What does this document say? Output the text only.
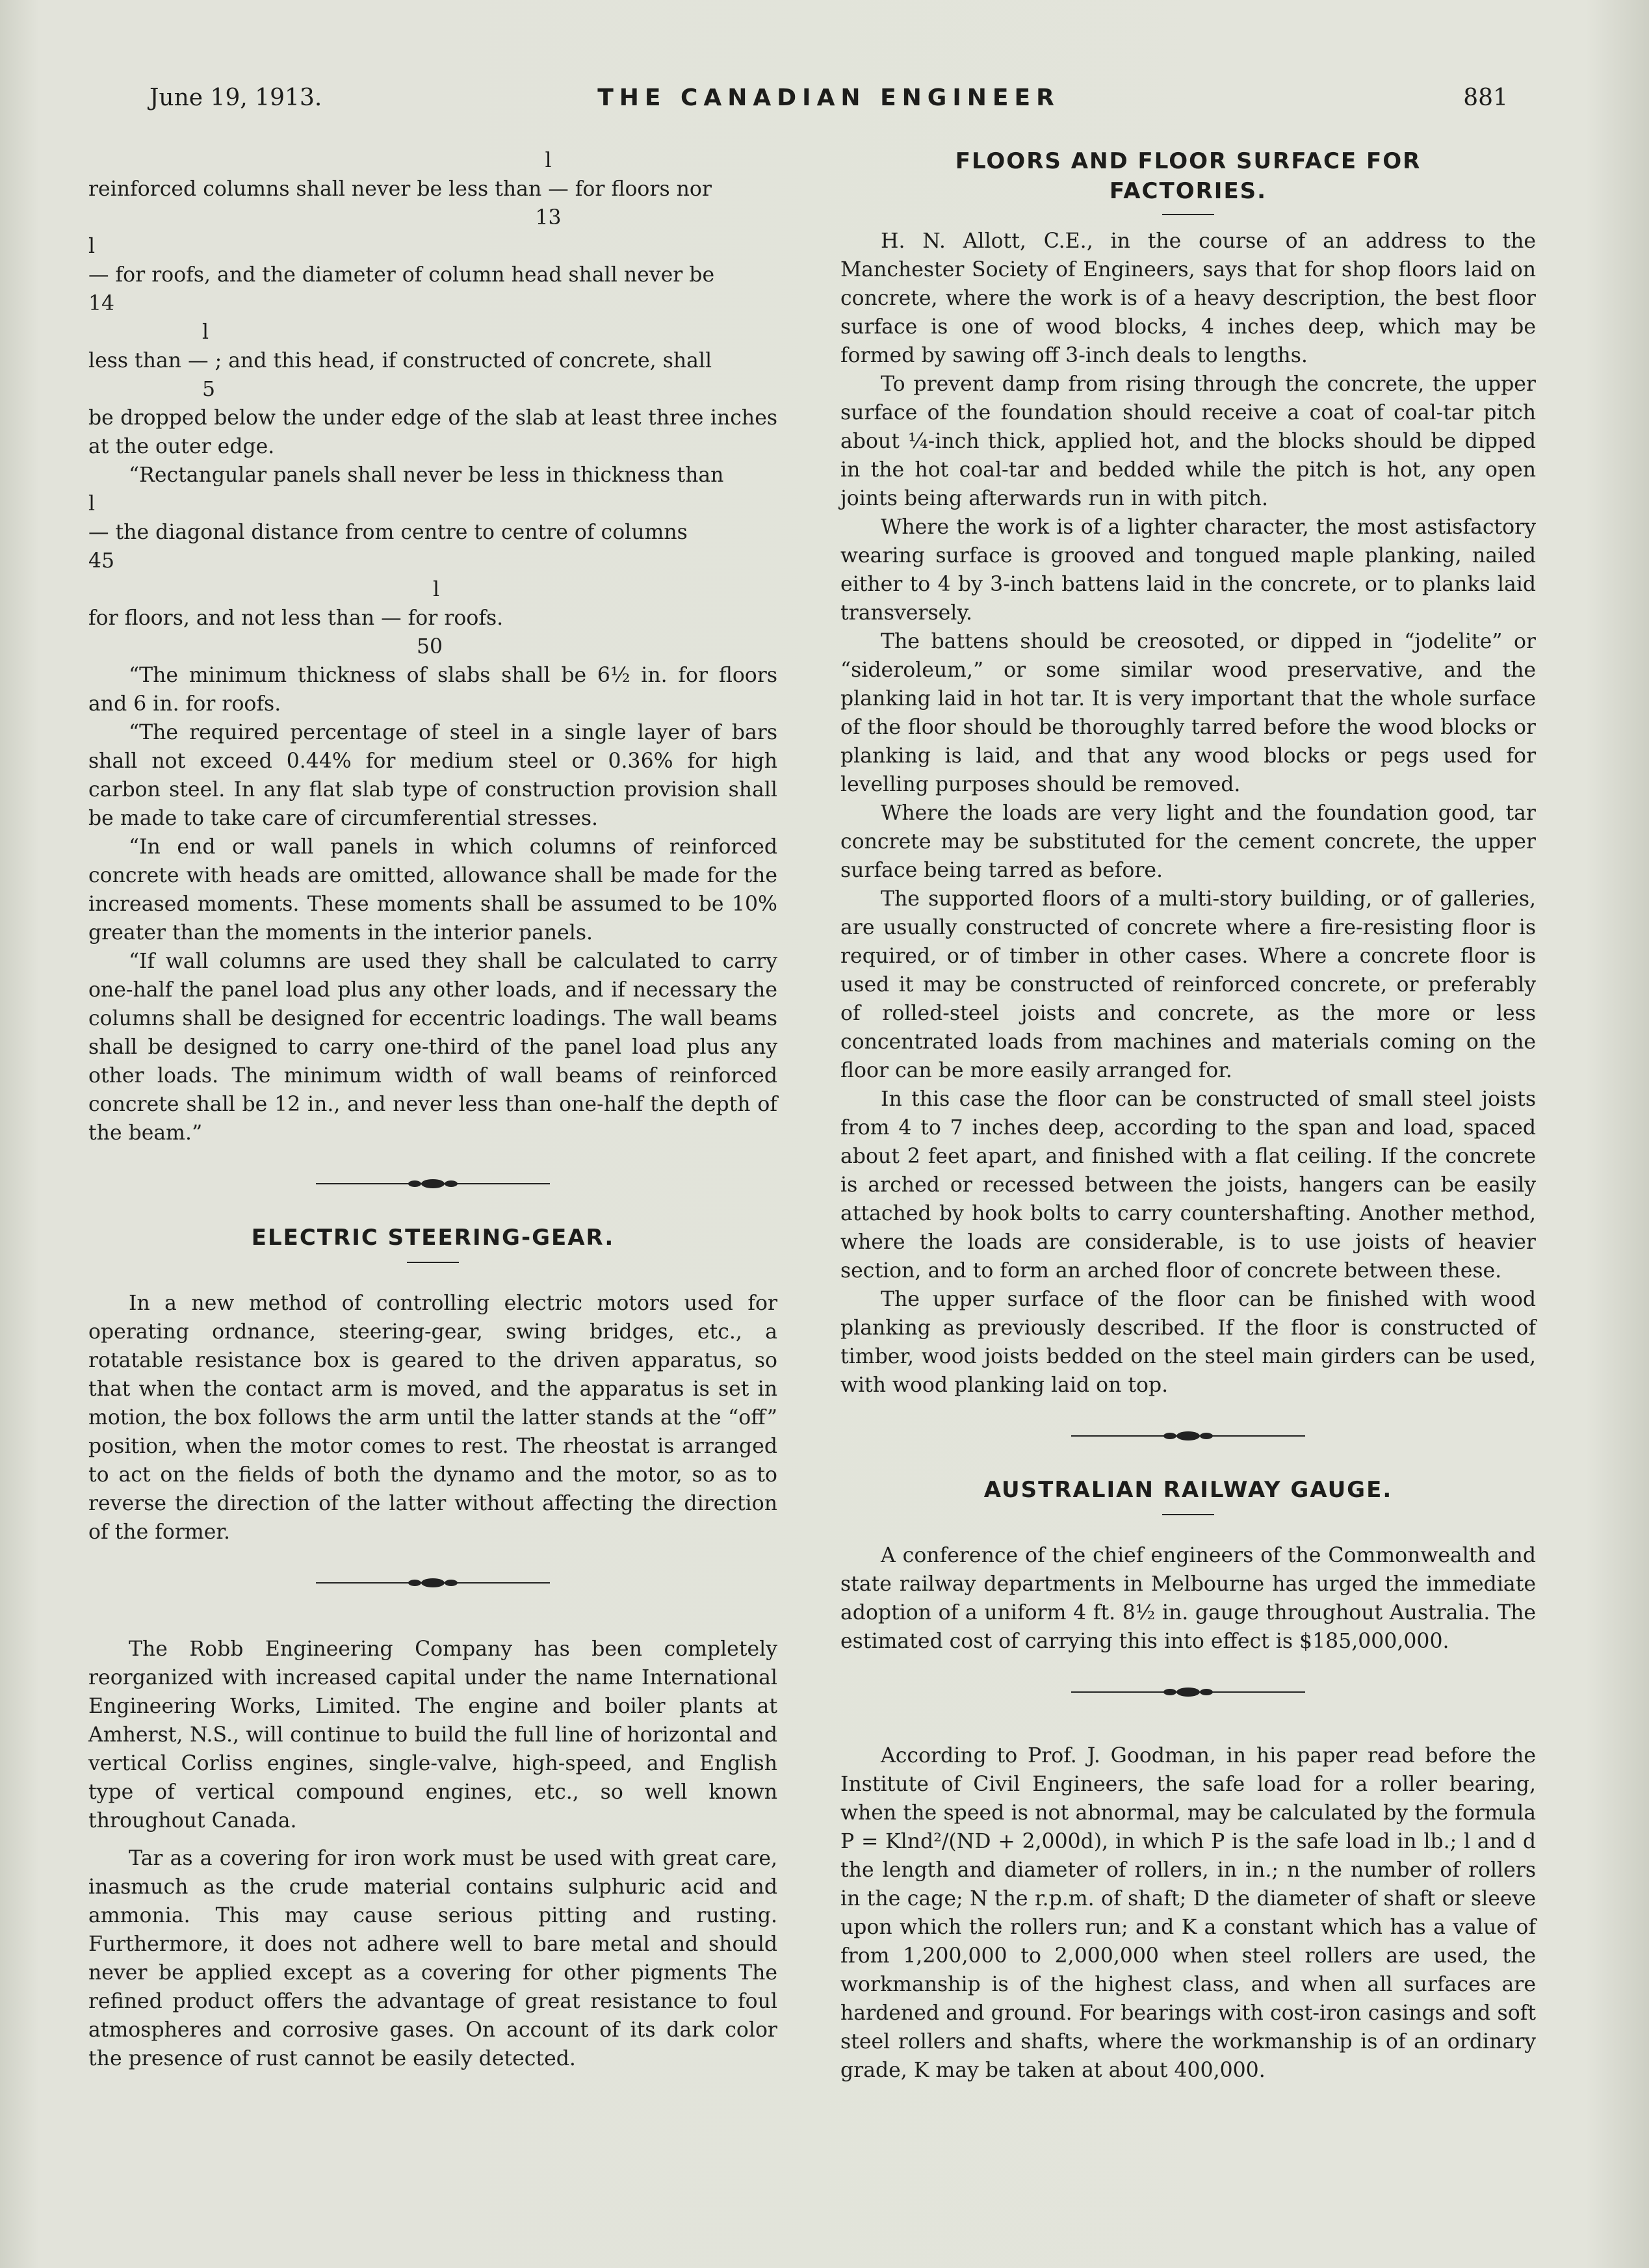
June 19, 1913.	THE CANADIAN ENGINEER	881
l

reinforced columns shall never be less than — for floors nor

13
l

— for roofs, and the diameter of column head shall never be

14
l

less than — ; and this head, if constructed of concrete, shall

5

be dropped below the under edge of the slab at least three inches at the outer edge.

“Rectangular panels shall never be less in thickness than

l

— the diagonal distance from centre to centre of columns

45
l

for floors, and not less than — for roofs.

50

“The minimum thickness of slabs shall be 6½ in. for floors and 6 in. for roofs.

“The required percentage of steel in a single layer of bars shall not exceed 0.44% for medium steel or 0.36% for high carbon steel. In any flat slab type of construction provision shall be made to take care of circumferential stresses.

“In end or wall panels in which columns of reinforced concrete with heads are omitted, allowance shall be made for the increased moments. These moments shall be assumed to be 10% greater than the moments in the interior panels.

“If wall columns are used they shall be calculated to carry one-half the panel load plus any other loads, and if necessary the columns shall be designed for eccentric loadings. The wall beams shall be designed to carry one-third of the panel load plus any other loads. The minimum width of wall beams of reinforced concrete shall be 12 in., and never less than one-half the depth of the beam.”

ELECTRIC STEERING-GEAR.

In a new method of controlling electric motors used for operating ordnance, steering-gear, swing bridges, etc., a rotatable resistance box is geared to the driven apparatus, so that when the contact arm is moved, and the apparatus is set in motion, the box follows the arm until the latter stands at the “off” position, when the motor comes to rest. The rheostat is arranged to act on the fields of both the dynamo and the motor, so as to reverse the direction of the latter without affecting the direction of the former.

The Robb Engineering Company has been completely reorganized with increased capital under the name International Engineering Works, Limited. The engine and boiler plants at Amherst, N.S., will continue to build the full line of horizontal and vertical Corliss engines, single-valve, high-speed, and English type of vertical compound engines, etc., so well known throughout Canada.

Tar as a covering for iron work must be used with great care, inasmuch as the crude material contains sulphuric acid and ammonia. This may cause serious pitting and rusting. Furthermore, it does not adhere well to bare metal and should never be applied except as a covering for other pigments The refined product offers the advantage of great resistance to foul atmospheres and corrosive gases. On account of its dark color the presence of rust cannot be easily detected.

FLOORS AND FLOOR SURFACE FOR
FACTORIES.

H. N. Allott, C.E., in the course of an address to the Manchester Society of Engineers, says that for shop floors laid on concrete, where the work is of a heavy description, the best floor surface is one of wood blocks, 4 inches deep, which may be formed by sawing off 3-inch deals to lengths.

To prevent damp from rising through the concrete, the upper surface of the foundation should receive a coat of coal-tar pitch about ¼-inch thick, applied hot, and the blocks should be dipped in the hot coal-tar and bedded while the pitch is hot, any open joints being afterwards run in with pitch.

Where the work is of a lighter character, the most astisfactory wearing surface is grooved and tongued maple planking, nailed either to 4 by 3-inch battens laid in the concrete, or to planks laid transversely.

The battens should be creosoted, or dipped in “jodelite” or “sideroleum,” or some similar wood preservative, and the planking laid in hot tar. It is very important that the whole surface of the floor should be thoroughly tarred before the wood blocks or planking is laid, and that any wood blocks or pegs used for levelling purposes should be removed.

Where the loads are very light and the foundation good, tar concrete may be substituted for the cement concrete, the upper surface being tarred as before.

The supported floors of a multi-story building, or of galleries, are usually constructed of concrete where a fire-resisting floor is required, or of timber in other cases. Where a concrete floor is used it may be constructed of reinforced concrete, or preferably of rolled-steel joists and concrete, as the more or less concentrated loads from machines and materials coming on the floor can be more easily arranged for.

In this case the floor can be constructed of small steel joists from 4 to 7 inches deep, according to the span and load, spaced about 2 feet apart, and finished with a flat ceiling. If the concrete is arched or recessed between the joists, hangers can be easily attached by hook bolts to carry countershafting. Another method, where the loads are considerable, is to use joists of heavier section, and to form an arched floor of concrete between these.

The upper surface of the floor can be finished with wood planking as previously described. If the floor is constructed of timber, wood joists bedded on the steel main girders can be used, with wood planking laid on top.

AUSTRALIAN RAILWAY GAUGE.

A conference of the chief engineers of the Commonwealth and state railway departments in Melbourne has urged the immediate adoption of a uniform 4 ft. 8½ in. gauge throughout Australia. The estimated cost of carrying this into effect is $185,000,000.

According to Prof. J. Goodman, in his paper read before the Institute of Civil Engineers, the safe load for a roller bearing, when the speed is not abnormal, may be calculated by the formula P = Klnd²/(ND + 2,000d), in which P is the safe load in lb.; l and d the length and diameter of rollers, in in.; n the number of rollers in the cage; N the r.p.m. of shaft; D the diameter of shaft or sleeve upon which the rollers run; and K a constant which has a value of from 1,200,000 to 2,000,000 when steel rollers are used, the workmanship is of the highest class, and when all surfaces are hardened and ground. For bearings with cost-iron casings and soft steel rollers and shafts, where the workmanship is of an ordinary grade, K may be taken at about 400,000.
